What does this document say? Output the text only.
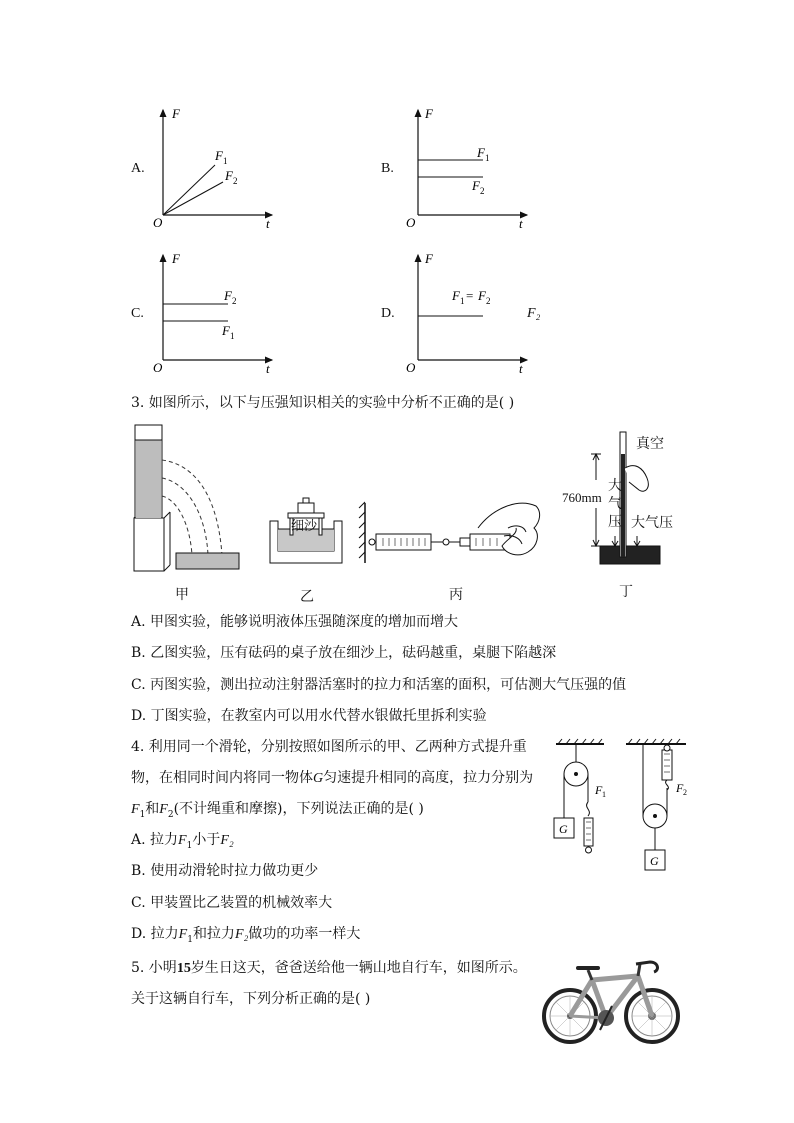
A.
F
O	t
F 1
F 2
B.
F
O	t
F 1
F 2
C.
F
O	t
F 2
F 1
D.
F
O	t
F 1 = F 2
F₂
3. 如图所示，以下与压强知识相关的实验中分析不正确的是( )
甲
细沙
乙	丙
真空
760mm
大
气
压 大气压
丁
A. 甲图实验，能够说明液体压强随深度的增加而增大
B. 乙图实验，压有砝码的桌子放在细沙上，砝码越重，桌腿下陷越深
C. 丙图实验，测出拉动注射器活塞时的拉力和活塞的面积，可估测大气压强的值
D. 丁图实验，在教室内可以用水代替水银做托里拆利实验
4. 利用同一个滑轮，分别按照如图所示的甲、乙两种方式提升重
物，在相同时间内将同一物体G匀速提升相同的高度，拉力分别为
$F_1$和$F_2$(不计绳重和摩擦)，下列说法正确的是( )
A. 拉力$F_1$小于F₂
B. 使用动滑轮时拉力做功更少
C. 甲装置比乙装置的机械效率大
D. 拉力$F_1$和拉力F₂做功的功率一样大
F 1	F 2
G
G
5. 小明15岁生日这天，爸爸送给他一辆山地自行车，如图所示。
关于这辆自行车，下列分析正确的是( )
